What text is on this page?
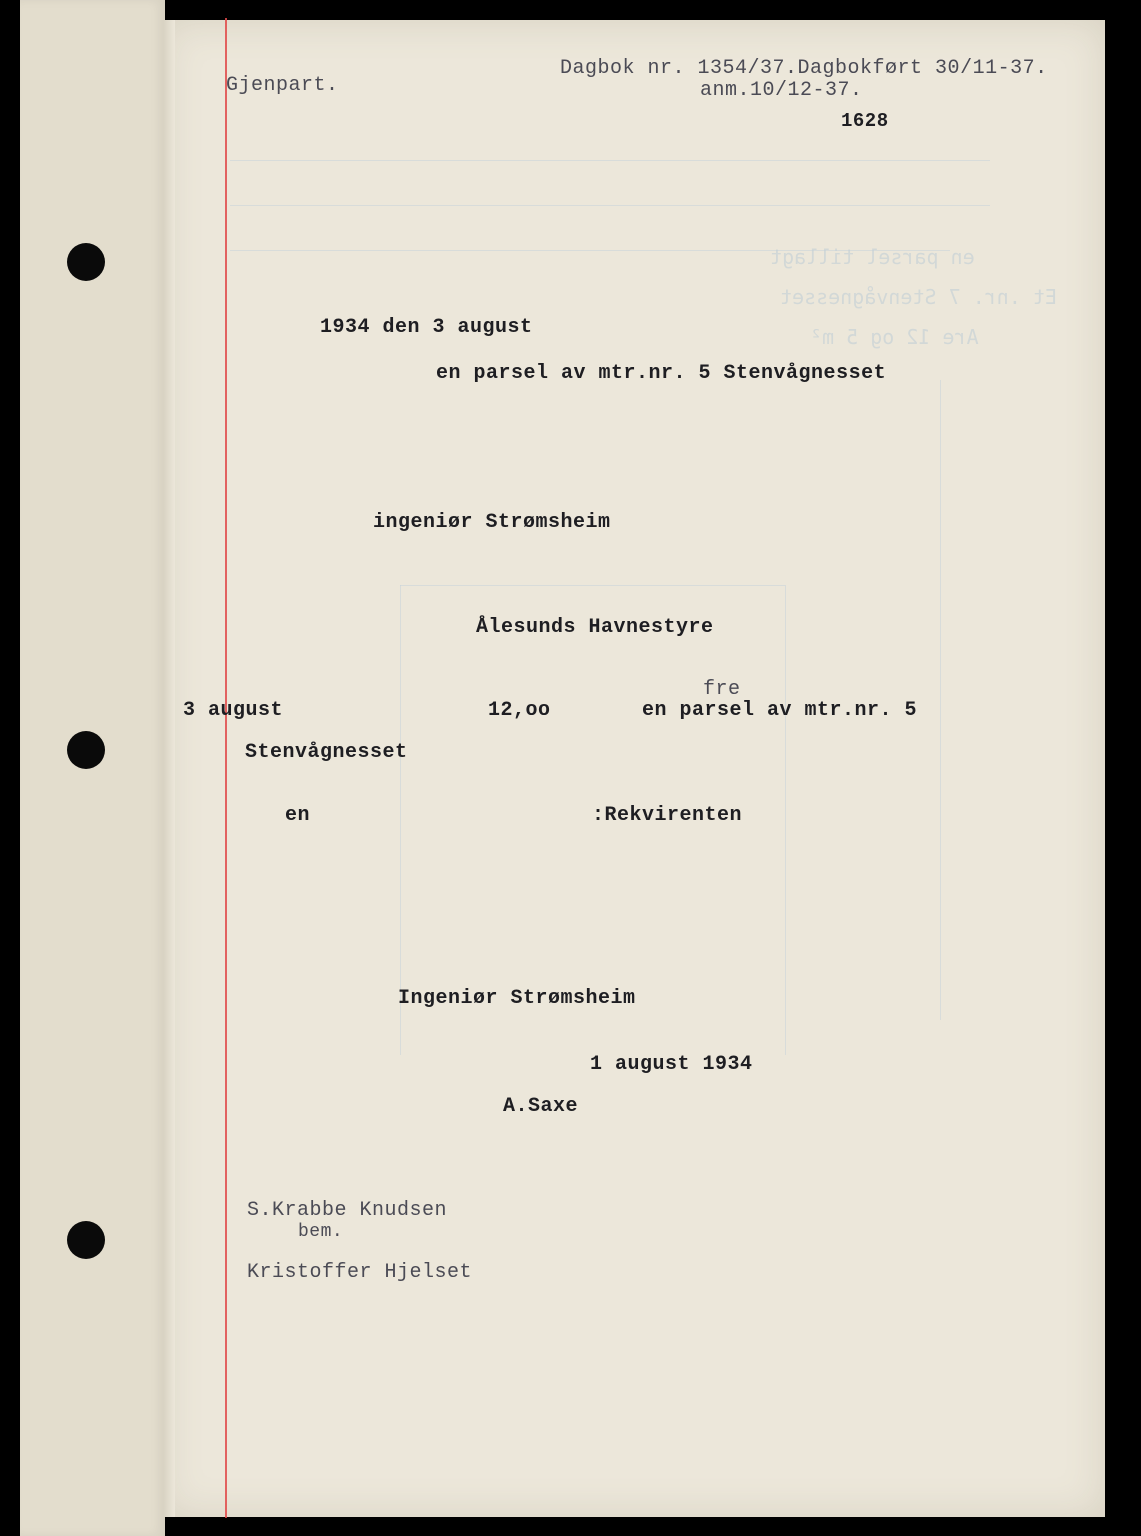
en parsel tillagt
Et .nr. 7 Stenvågnesset
Are 12 og 5 m²
Gjenpart.
Dagbok nr. 1354/37.Dagbokført 30/11-37.
anm.10/12-37.
1628
1934 den 3 august
en parsel av mtr.nr. 5 Stenvågnesset
ingeniør Strømsheim
Ålesunds Havnestyre
fre
3 august	12,oo	en parsel av mtr.nr. 5
Stenvågnesset
en	:Rekvirenten
Ingeniør Strømsheim
1 august 1934
A.Saxe
S.Krabbe Knudsen
bem.
Kristoffer Hjelset
